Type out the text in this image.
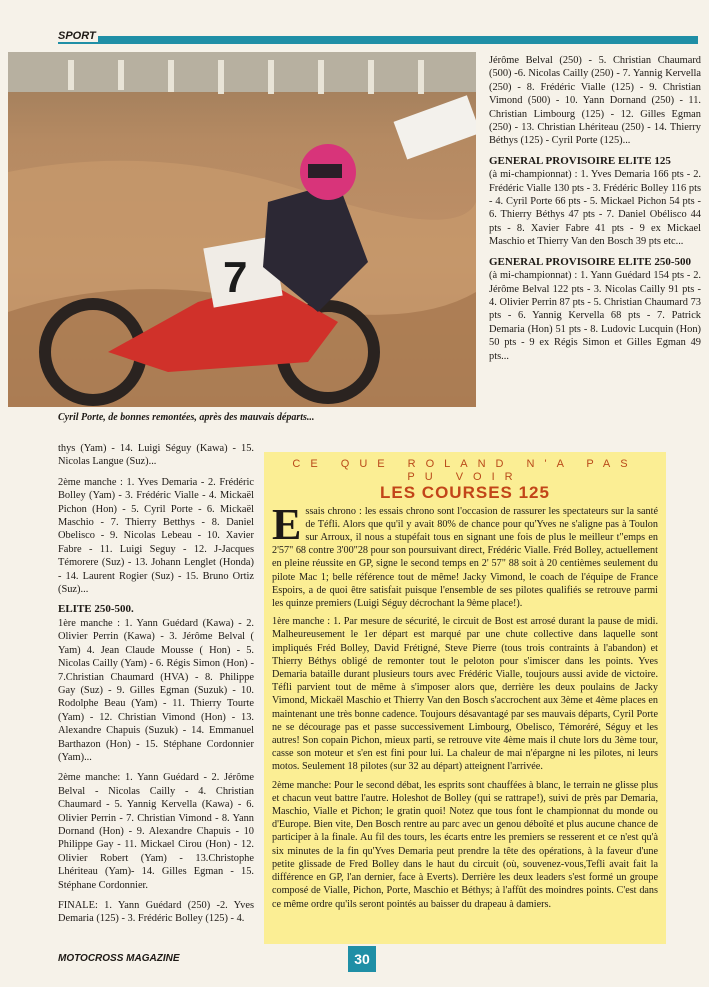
SPORT
7
Cyril Porte, de bonnes remontées, après des mauvais départs...

Jérôme Belval (250) - 5. Christian Chaumard (500) -6. Nicolas Cailly (250) - 7. Yannig Kervella (250) - 8. Frédéric Vialle (125) - 9. Christian Vimond (500) - 10. Yann Dornand (250) - 11. Christian Limbourg (125) - 12. Gilles Egman (250) - 13. Christian Lhériteau (250) - 14. Thierry Béthys (125) - Cyril Porte (125)...

GENERAL PROVISOIRE ELITE 125

(à mi-championnat) : 1. Yves Demaria 166 pts - 2. Frédéric Vialle 130 pts - 3. Frédéric Bolley 116 pts - 4. Cyril Porte 66 pts - 5. Mickael Pichon 54 pts - 6. Thierry Béthys 47 pts - 7. Daniel Obélisco 44 pts - 8. Xavier Fabre 41 pts - 9 ex Mickael Maschio et Thierry Van den Bosch 39 pts etc...

GENERAL PROVISOIRE ELITE 250-500

(à mi-championnat) : 1. Yann Guédard 154 pts - 2. Jérôme Belval 122 pts - 3. Nicolas Cailly 91 pts - 4. Olivier Perrin 87 pts - 5. Christian Chaumard 73 pts - 6. Yannig Kervella 68 pts - 7. Patrick Demaria (Hon) 51 pts - 8. Ludovic Lucquin (Hon) 50 pts - 9 ex Régis Simon et Gilles Egman 49 pts...

thys (Yam) - 14. Luigi Séguy (Kawa) - 15. Nicolas Langue (Suz)...

2ème manche : 1. Yves Demaria - 2. Frédéric Bolley (Yam) - 3. Frédéric Vialle - 4. Mickaël Pichon (Hon) - 5. Cyril Porte - 6. Mickaël Maschio - 7. Thierry Betthys - 8. Daniel Obelisco - 9. Nicolas Lebeau - 10. Xavier Fabre - 11. Luigi Seguy - 12. J-Jacques Témorere (Suz) - 13. Johann Lenglet (Honda) - 14. Laurent Rogier (Suz) - 15. Bruno Ortiz (Suz)...

ELITE 250-500.

1ère manche : 1. Yann Guédard (Kawa) - 2. Olivier Perrin (Kawa) - 3. Jérôme Belval ( Yam) 4. Jean Claude Mousse ( Hon) - 5. Nicolas Cailly (Yam) - 6. Régis Simon (Hon) - 7.Christian Chaumard (HVA) - 8. Philippe Gay (Suz) - 9. Gilles Egman (Suzuk) - 10. Rodolphe Beau (Yam) - 11. Thierry Tourte (Yam) - 12. Christian Vimond (Hon) - 13. Alexandre Chapuis (Suzuk) - 14. Emmanuel Barthazon (Hon) - 15. Stéphane Cordonnier (Yam)...

2ème manche: 1. Yann Guédard - 2. Jérôme Belval - Nicolas Cailly - 4. Christian Chaumard - 5. Yannig Kervella (Kawa) - 6. Olivier Perrin - 7. Christian Vimond - 8. Yann Dornand (Hon) - 9. Alexandre Chapuis - 10 Philippe Gay - 11. Mickael Cirou (Hon) - 12. Olivier Robert (Yam) - 13.Christophe Lhériteau (Yam)- 14. Gilles Egman - 15. Stéphane Cordonnier.

FINALE: 1. Yann Guédard (250) -2. Yves Demaria (125) - 3. Frédéric Bolley (125) - 4.

CE QUE ROLAND N'A PAS PU VOIR
LES COURSES 125

E ssais chrono : les essais chrono sont l'occasion de rassurer les spectateurs sur la santé de Téfli. Alors que qu'il y avait 80% de chance pour qu'Yves ne s'aligne pas à Toulon sur Arroux, il nous a stupéfait tous en signant une fois de plus le meilleur t"emps en 2'57" 68 contre 3'00"28 pour son poursuivant direct, Frédéric Vialle. Fréd Bolley, actuellement en pleine réussite en GP, signe le second temps en 2' 57" 88 soit à 20 centièmes seulement du pilote Mac 1; belle référence tout de même! Jacky Vimond, le coach de l'équipe de France Espoirs, a de quoi être satisfait puisque l'ensemble de ses pilotes qualifiés se retrouve parmi les quinze premiers (Luigi Séguy décrochant la 9ème place!).

1ère manche : 1. Par mesure de sécurité, le circuit de Bost est arrosé durant la pause de midi. Malheureusement le 1er départ est marqué par une chute collective dans laquelle sont impliqués Fréd Bolley, David Frétigné, Steve Pierre (tous trois contraints à l'abandon) et Thierry Béthys obligé de remonter tout le peloton pour s'imiscer dans les points. Yves Demaria bataille durant plusieurs tours avec Frédéric Vialle, toujours aussi avide de victoire. Téfli parvient tout de même à s'imposer alors que, derrière les deux poulains de Jacky Vimond, Mickaël Maschio et Thierry Van den Bosch s'accrochent aux 3ème et 4ème places en maintenant une très bonne cadence. Toujours désavantagé par ses mauvais départs, Cyril Porte ne se décourage pas et passe successivement Limbourg, Obelisco, Témoréré, Séguy et les autres! Son copain Pichon, mieux parti, se retrouve vite 4ème mais il chute lors du 3ème tour, casse son moteur et s'en est fini pour lui. La chaleur de mai n'épargne ni les pilotes, ni leurs motos. Seulement 18 pilotes (sur 32 au départ) atteignent l'arrivée.

2ème manche: Pour le second débat, les esprits sont chauffées à blanc, le terrain ne glisse plus et chacun veut battre l'autre. Holeshot de Bolley (qui se rattrape!), suivi de près par Demaria, Maschio, Vialle et Pichon; le gratin quoi! Notez que tous font le championnat du monde ou d'Europe. Bien vite, Den Bosch rentre au parc avec un genou déboîté et plus aucune chance de participer à la finale. Au fil des tours, les écarts entre les premiers se resserent et ce n'est qu'à six minutes de la fin qu'Yves Demaria peut prendre la tête des opérations, à la faveur d'une petite glissade de Fred Bolley dans le haut du circuit (où, souvenez-vous,Tefli avait fait la différence en GP, l'an dernier, face à Everts). Derrière les deux leaders s'est formé un groupe composé de Vialle, Pichon, Porte, Maschio et Béthys; à l'affût des moindres points. C'est dans ce même ordre qu'ils seront pointés au baisser du drapeau à damiers.

MOTOCROSS MAGAZINE	30
